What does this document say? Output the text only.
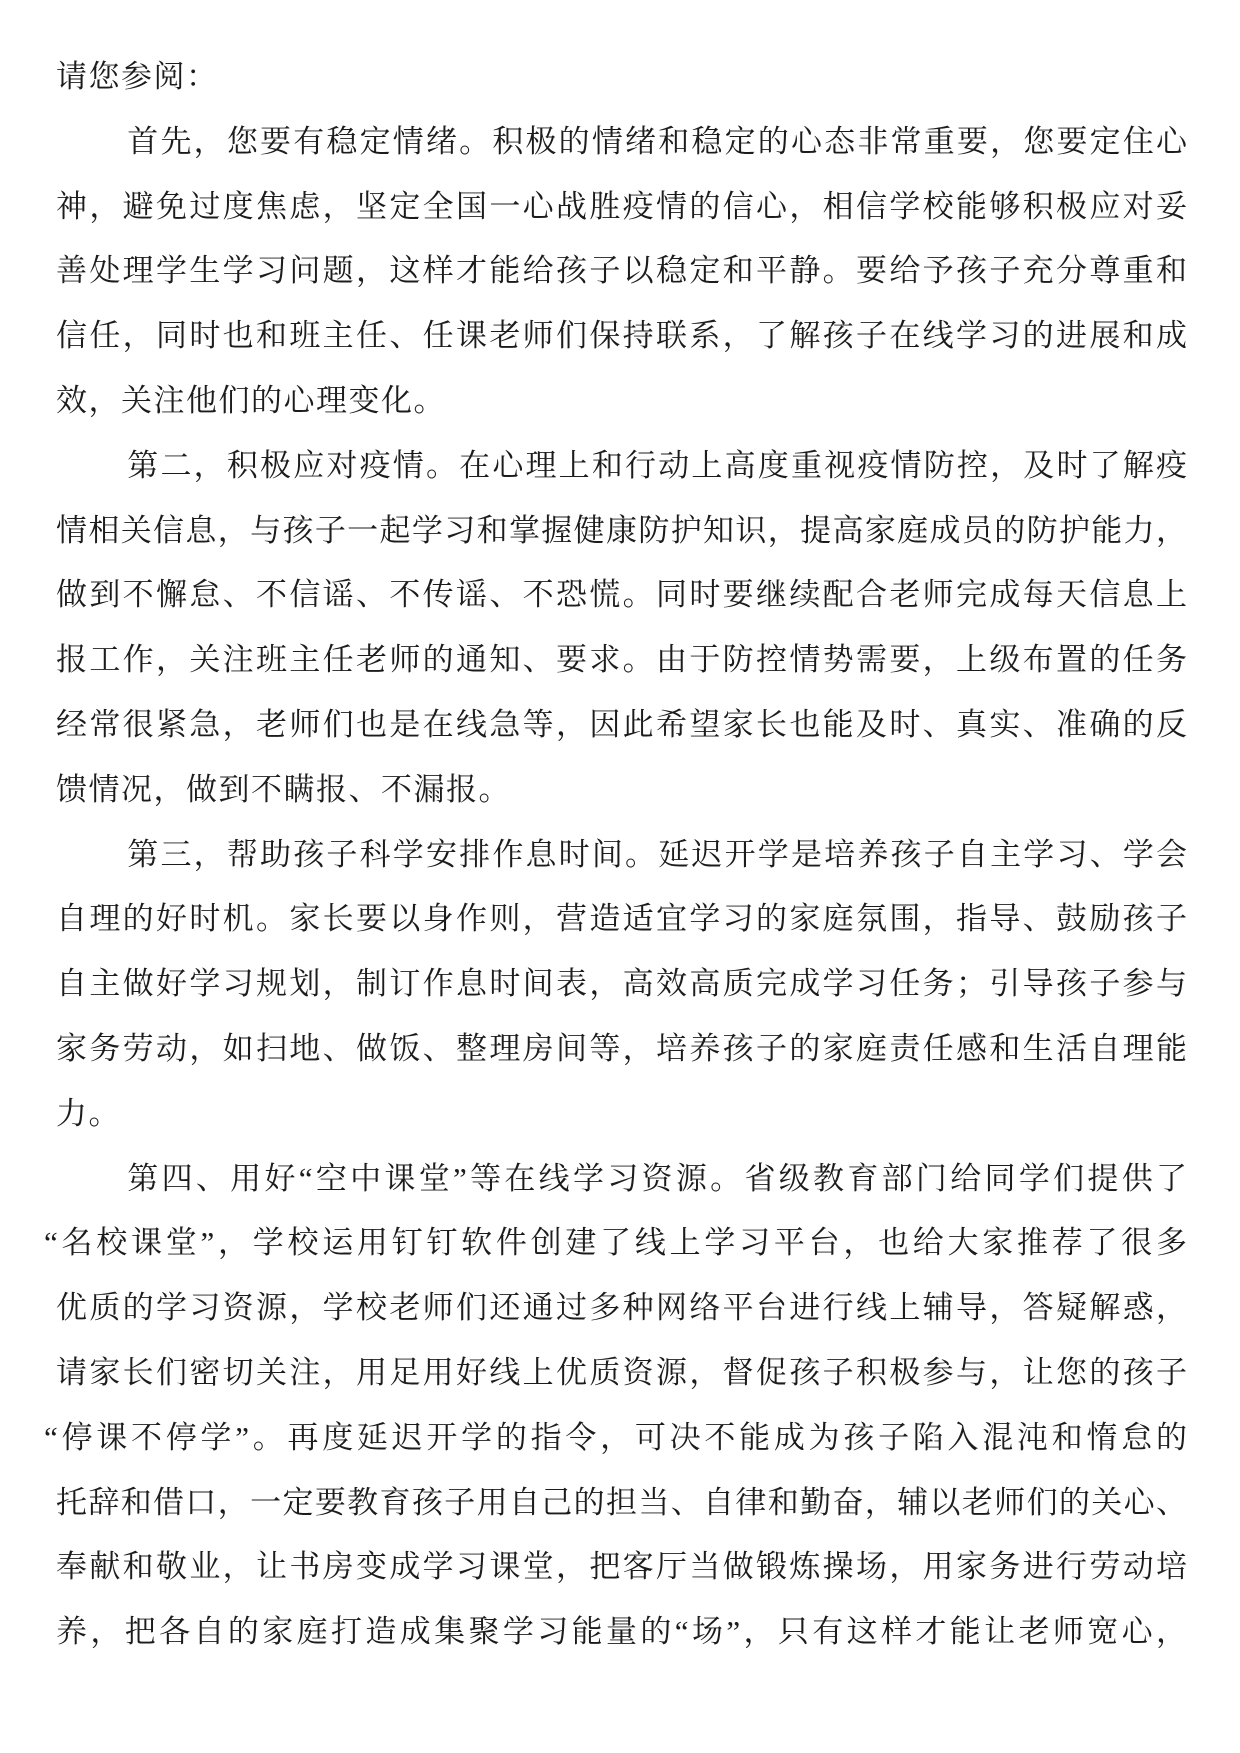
请您参阅：
首先，您要有稳定情绪。积极的情绪和稳定的心态非常重要，您要定住心
神，避免过度焦虑，坚定全国一心战胜疫情的信心，相信学校能够积极应对妥
善处理学生学习问题，这样才能给孩子以稳定和平静。要给予孩子充分尊重和
信任，同时也和班主任、任课老师们保持联系，了解孩子在线学习的进展和成
效，关注他们的心理变化。
第二，积极应对疫情。在心理上和行动上高度重视疫情防控，及时了解疫
情相关信息，与孩子一起学习和掌握健康防护知识，提高家庭成员的防护能力，
做到不懈怠、不信谣、不传谣、不恐慌。同时要继续配合老师完成每天信息上
报工作，关注班主任老师的通知、要求。由于防控情势需要，上级布置的任务
经常很紧急，老师们也是在线急等，因此希望家长也能及时、真实、准确的反
馈情况，做到不瞒报、不漏报。
第三，帮助孩子科学安排作息时间。延迟开学是培养孩子自主学习、学会
自理的好时机。家长要以身作则，营造适宜学习的家庭氛围，指导、鼓励孩子
自主做好学习规划，制订作息时间表，高效高质完成学习任务；引导孩子参与
家务劳动，如扫地、做饭、整理房间等，培养孩子的家庭责任感和生活自理能
力。
第四、用好“空中课堂”等在线学习资源。省级教育部门给同学们提供了
“名校课堂”，学校运用钉钉软件创建了线上学习平台，也给大家推荐了很多
优质的学习资源，学校老师们还通过多种网络平台进行线上辅导，答疑解惑，
请家长们密切关注，用足用好线上优质资源，督促孩子积极参与，让您的孩子
“停课不停学”。再度延迟开学的指令，可决不能成为孩子陷入混沌和惰怠的
托辞和借口，一定要教育孩子用自己的担当、自律和勤奋，辅以老师们的关心、
奉献和敬业，让书房变成学习课堂，把客厅当做锻炼操场，用家务进行劳动培
养，把各自的家庭打造成集聚学习能量的“场”，只有这样才能让老师宽心，
